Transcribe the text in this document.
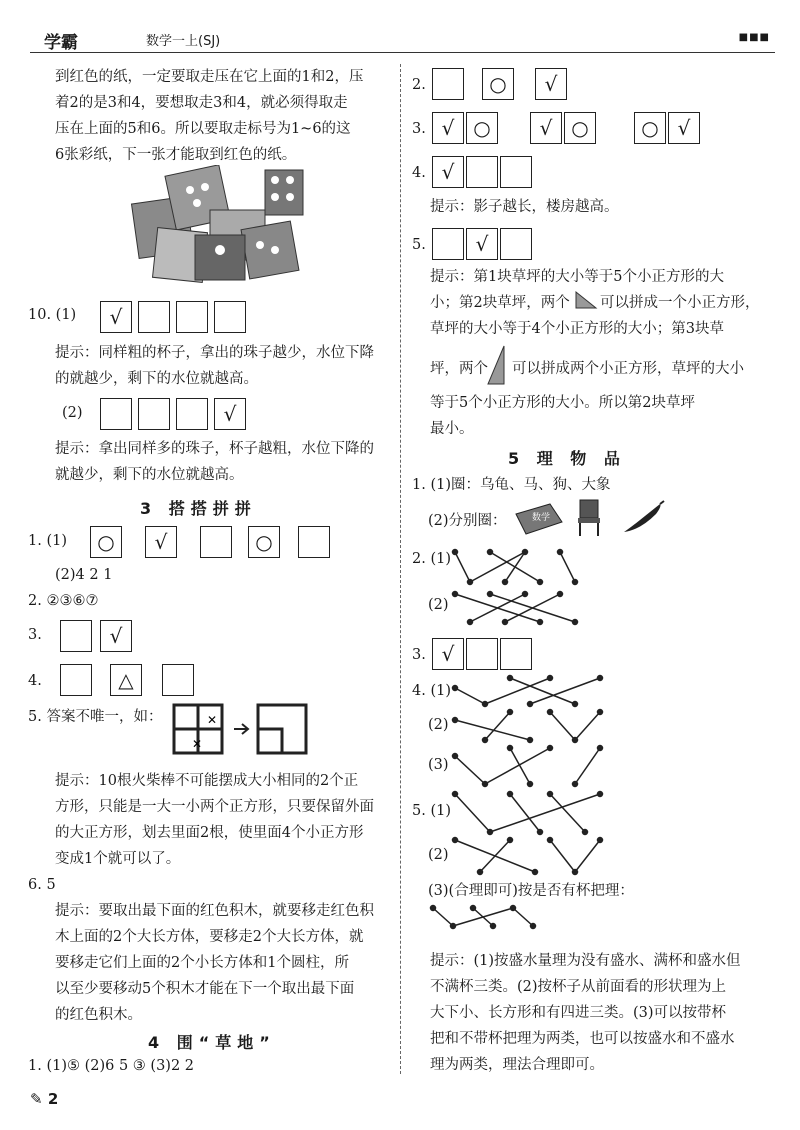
学霸	数学一上(SJ)	■■■
到红色的纸，一定要取走压在它上面的1和2，压
着2的是3和4，要想取走3和4，就必须得取走
压在上面的5和6。所以要取走标号为1~6的这
6张彩纸，下一张才能取到红色的纸。
10. (1) √
提示：同样粗的杯子，拿出的珠子越少，水位下降
的就越少，剩下的水位就越高。
(2)	√
提示：拿出同样多的珠子，杯子越粗，水位下降的
就越少，剩下的水位就越高。
3 搭搭拼拼
1. (1) ○ √	○
(2)4 2 1
2. ②③⑥⑦
3.	√
4.	△
5. 答案不唯一，如：	✕
✕
提示：10根火柴棒不可能摆成大小相同的2个正
方形，只能是一大一小两个正方形，只要保留外面
的大正方形，划去里面2根，使里面4个小正方形
变成1个就可以了。
6. 5
提示：要取出最下面的红色积木，就要移走红色积
木上面的2个大长方体，要移走2个大长方体，就
要移走它们上面的2个小长方体和1个圆柱，所
以至少要移动5个积木才能在下一个取出最下面
的红色积木。
4 围“草地”
1. (1)⑤ (2)6 5 ③ (3)2 2
2.	○ √
3. √ ○ √ ○	○ √
4. √
提示：影子越长，楼房越高。
5. √
提示：第1块草坪的大小等于5个小正方形的大
小；第2块草坪，两个 可以拼成一个小正方形，
草坪的大小等于4个小正方形的大小；第3块草
坪，两个 可以拼成两个小正方形，草坪的大小
等于5个小正方形的大小。所以第2块草坪
最小。
5 理 物 品
1. (1)圈：乌龟、马、狗、大象
(2)分别圈：	数学
2. (1)
(2)
3. √
4. (1)
(2)
(3)
5. (1)
(2)
(3)(合理即可)按是否有杯把理：
提示：(1)按盛水量理为没有盛水、满杯和盛水但
不满杯三类。(2)按杯子从前面看的形状理为上
大下小、长方形和有四进三类。(3)可以按带杯
把和不带杯把理为两类，也可以按盛水和不盛水
理为两类，理法合理即可。
✎ 2
